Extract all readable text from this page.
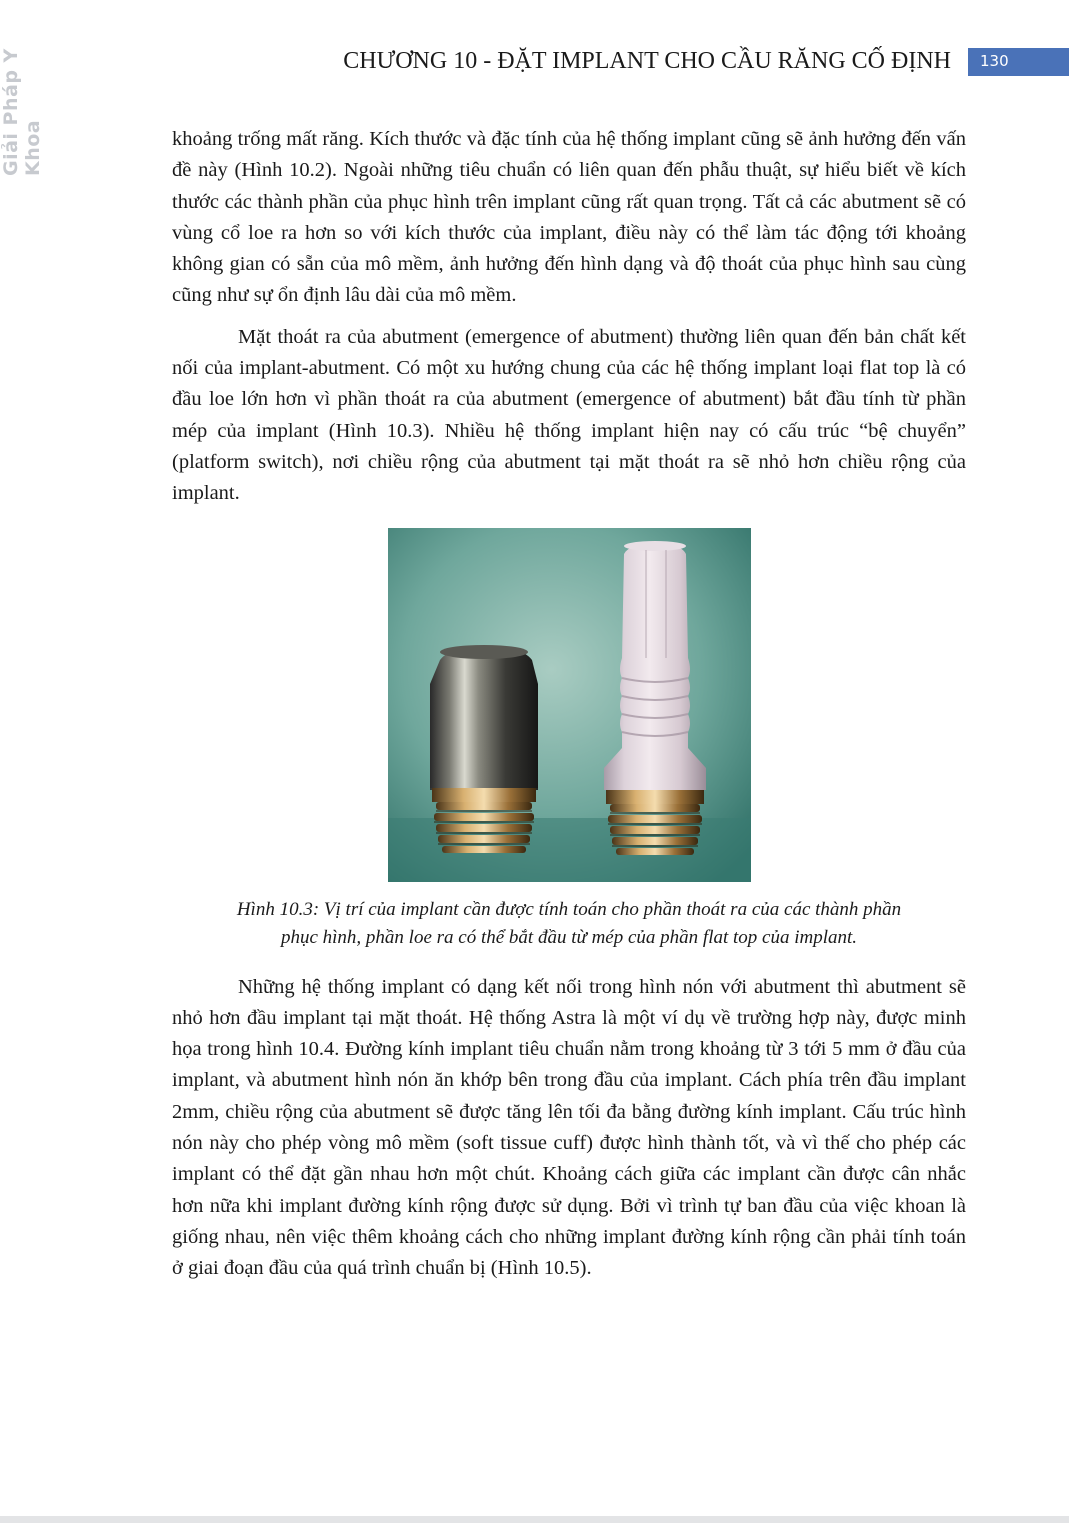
Giải Pháp Y Khoa
CHƯƠNG 10 - ĐẶT IMPLANT CHO CẦU RĂNG CỐ ĐỊNH 130

khoảng trống mất răng. Kích thước và đặc tính của hệ thống implant cũng sẽ ảnh hưởng đến vấn đề này (Hình 10.2). Ngoài những tiêu chuẩn có liên quan đến phẫu thuật, sự hiểu biết về kích thước các thành phần của phục hình trên implant cũng rất quan trọng. Tất cả các abutment sẽ có vùng cổ loe ra hơn so với kích thước của implant, điều này có thể làm tác động tới khoảng không gian có sẵn của mô mềm, ảnh hưởng đến hình dạng và độ thoát của phục hình sau cùng cũng như sự ổn định lâu dài của mô mềm.

Mặt thoát ra của abutment (emergence of abutment) thường liên quan đến bản chất kết nối của implant-abutment. Có một xu hướng chung của các hệ thống implant loại flat top là có đầu loe lớn hơn vì phần thoát ra của abutment (emergence of abutment) bắt đầu tính từ phần mép của implant (Hình 10.3). Nhiều hệ thống implant hiện nay có cấu trúc “bệ chuyển” (platform switch), nơi chiều rộng của abutment tại mặt thoát ra sẽ nhỏ hơn chiều rộng của implant.

Hình 10.3: Vị trí của implant cần được tính toán cho phần thoát ra của các thành phần
phục hình, phần loe ra có thể bắt đầu từ mép của phần flat top của implant.

Những hệ thống implant có dạng kết nối trong hình nón với abutment thì abutment sẽ nhỏ hơn đầu implant tại mặt thoát. Hệ thống Astra là một ví dụ về trường hợp này, được minh họa trong hình 10.4. Đường kính implant tiêu chuẩn nằm trong khoảng từ 3 tới 5 mm ở đầu của implant, và abutment hình nón ăn khớp bên trong đầu của implant. Cách phía trên đầu implant 2mm, chiều rộng của abutment sẽ được tăng lên tối đa bằng đường kính implant. Cấu trúc hình nón này cho phép vòng mô mềm (soft tissue cuff) được hình thành tốt, và vì thế cho phép các implant có thể đặt gần nhau hơn một chút. Khoảng cách giữa các implant cần được cân nhắc hơn nữa khi implant đường kính rộng được sử dụng. Bởi vì trình tự ban đầu của việc khoan là giống nhau, nên việc thêm khoảng cách cho những implant đường kính rộng cần phải tính toán ở giai đoạn đầu của quá trình chuẩn bị (Hình 10.5).
